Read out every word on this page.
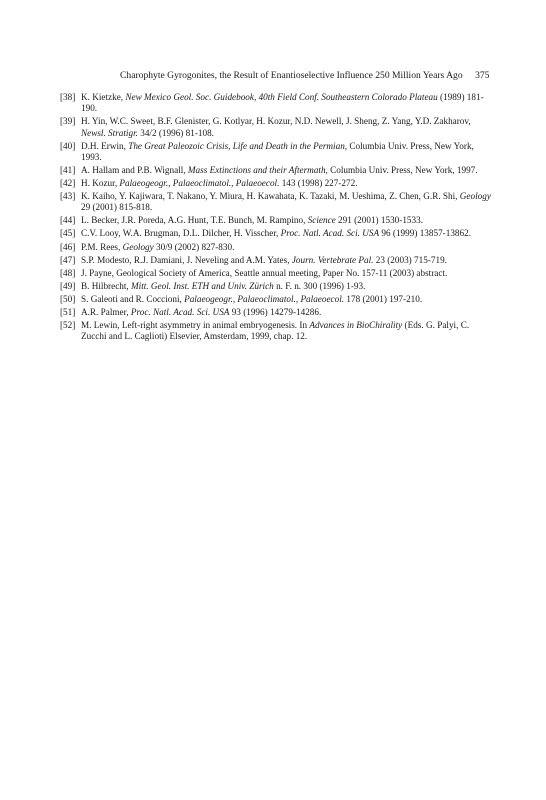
Charophyte Gyrogonites, the Result of Enantioselective Influence 250 Million Years Ago 375
[38] K. Kietzke, New Mexico Geol. Soc. Guidebook, 40th Field Conf. Southeastern Colorado Plateau (1989) 181-190.
[39] H. Yin, W.C. Sweet, B.F. Glenister, G. Kotlyar, H. Kozur, N.D. Newell, J. Sheng, Z. Yang, Y.D. Zakharov, Newsl. Stratigr. 34/2 (1996) 81-108.
[40] D.H. Erwin, The Great Paleozoic Crisis, Life and Death in the Permian, Columbia Univ. Press, New York, 1993.
[41] A. Hallam and P.B. Wignall, Mass Extinctions and their Aftermath, Columbia Univ. Press, New York, 1997.
[42] H. Kozur, Palaeogeogr., Palaeoclimatol., Palaeoecol. 143 (1998) 227-272.
[43] K. Kaiho, Y. Kajiwara, T. Nakano, Y. Miura, H. Kawahata, K. Tazaki, M. Ueshima, Z. Chen, G.R. Shi, Geology 29 (2001) 815-818.
[44] L. Becker, J.R. Poreda, A.G. Hunt, T.E. Bunch, M. Rampino, Science 291 (2001) 1530-1533.
[45] C.V. Looy, W.A. Brugman, D.L. Dilcher, H. Visscher, Proc. Natl. Acad. Sci. USA 96 (1999) 13857-13862.
[46] P.M. Rees, Geology 30/9 (2002) 827-830.
[47] S.P. Modesto, R.J. Damiani, J. Neveling and A.M. Yates, Journ. Vertebrate Pal. 23 (2003) 715-719.
[48] J. Payne, Geological Society of America, Seattle annual meeting, Paper No. 157-11 (2003) abstract.
[49] B. Hilbrecht, Mitt. Geol. Inst. ETH and Univ. Zürich n. F. n. 300 (1996) 1-93.
[50] S. Galeoti and R. Coccioni, Palaeogeogr., Palaeoclimatol., Palaeoecol. 178 (2001) 197-210.
[51] A.R. Palmer, Proc. Natl. Acad. Sci. USA 93 (1996) 14279-14286.
[52] M. Lewin, Left-right asymmetry in animal embryogenesis. In Advances in BioChirality (Eds. G. Palyi, C. Zucchi and L. Caglioti) Elsevier, Amsterdam, 1999, chap. 12.
